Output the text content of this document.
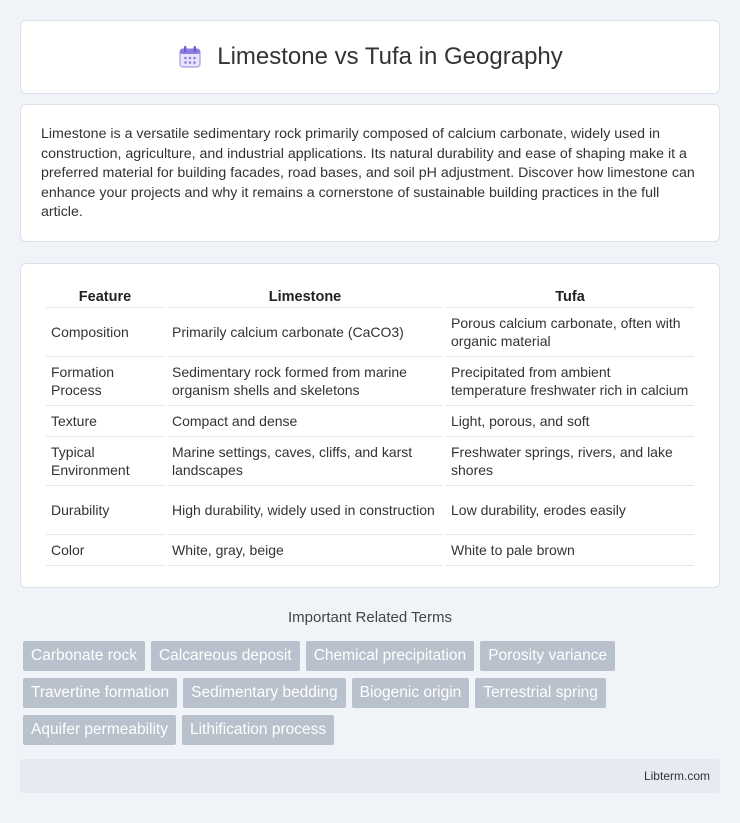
Limestone vs Tufa in Geography

Limestone is a versatile sedimentary rock primarily composed of calcium carbonate, widely used in construction, agriculture, and industrial applications. Its natural durability and ease of shaping make it a preferred material for building facades, road bases, and soil pH adjustment. Discover how limestone can enhance your projects and why it remains a cornerstone of sustainable building practices in the full article.

Feature	Limestone	Tufa
Composition	Primarily calcium carbonate (CaCO3)	Porous calcium carbonate, often with organic material
Formation Process	Sedimentary rock formed from marine organism shells and skeletons	Precipitated from ambient temperature freshwater rich in calcium
Texture	Compact and dense	Light, porous, and soft
Typical Environment	Marine settings, caves, cliffs, and karst landscapes	Freshwater springs, rivers, and lake shores
Durability	High durability, widely used in construction	Low durability, erodes easily
Color	White, gray, beige	White to pale brown
Important Related Terms
Carbonate rock	Calcareous deposit	Chemical precipitation	Porosity variance
Travertine formation	Sedimentary bedding	Biogenic origin	Terrestrial spring
Aquifer permeability	Lithification process
Libterm.com
